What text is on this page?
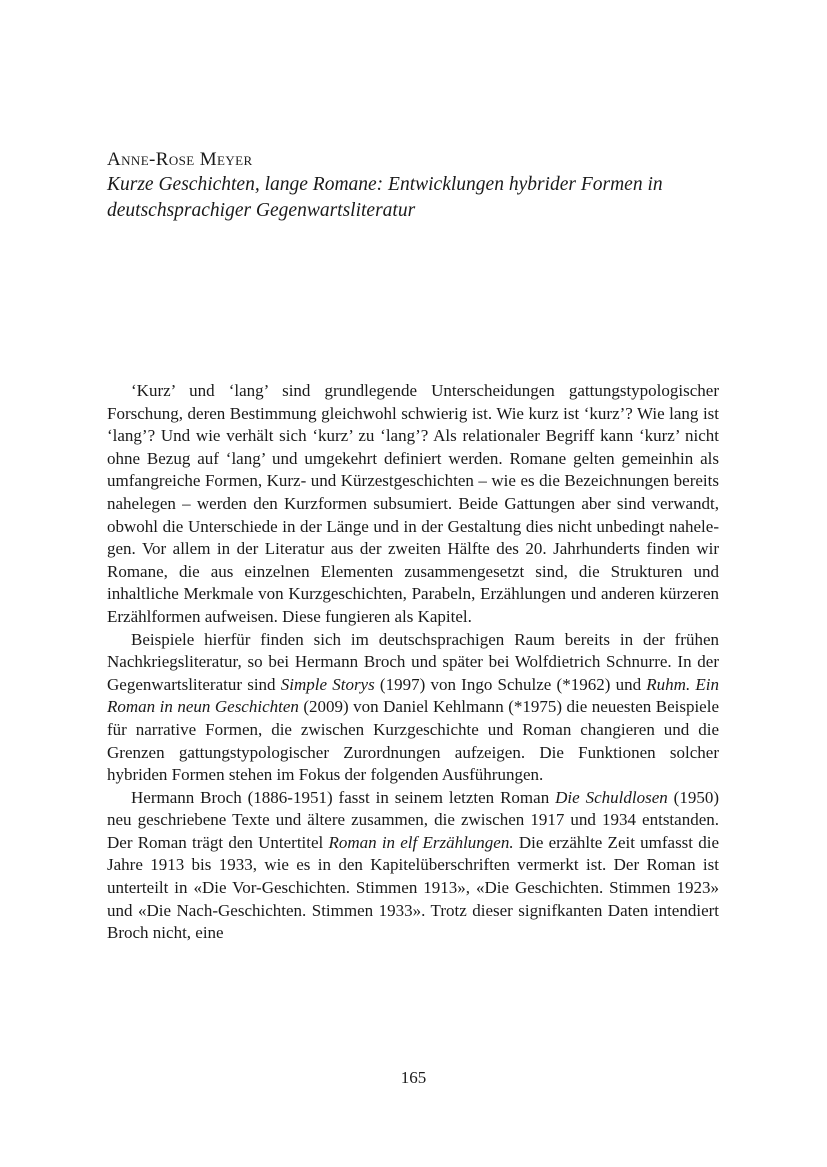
Anne-Rose Meyer
Kurze Geschichten, lange Romane: Entwicklungen hybrider Formen in
deutschsprachiger Gegenwartsliteratur

‘Kurz’ und ‘lang’ sind grundlegende Unterscheidungen gattungstypologischer Forschung, deren Bestimmung gleichwohl schwierig ist. Wie kurz ist ‘kurz’? Wie lang ist ‘lang’? Und wie verhält sich ‘kurz’ zu ‘lang’? Als relationaler Begriff kann ‘kurz’ nicht ohne Bezug auf ‘lang’ und umgekehrt definiert werden. Romane gelten gemeinhin als umfangreiche Formen, Kurz- und Kürzestgeschichten – wie es die Bezeichnungen bereits nahelegen – werden den Kurzformen subsumiert. Beide Gattungen aber sind verwandt, obwohl die Unterschiede in der Länge und in der Gestaltung dies nicht unbedingt nahelegen. Vor allem in der Literatur aus der zweiten Hälfte des 20. Jahrhunderts finden wir Romane, die aus einzelnen Elementen zusammengesetzt sind, die Strukturen und inhaltliche Merkmale von Kurzgeschichten, Parabeln, Erzählungen und anderen kürzeren Erzählformen aufweisen. Diese fungieren als Kapitel.

Beispiele hierfür finden sich im deutschsprachigen Raum bereits in der frühen Nachkriegsliteratur, so bei Hermann Broch und später bei Wolfdietrich Schnurre. In der Gegenwartsliteratur sind Simple Storys (1997) von Ingo Schulze (*1962) und Ruhm. Ein Roman in neun Geschichten (2009) von Daniel Kehlmann (*1975) die neuesten Beispiele für narrative Formen, die zwischen Kurzgeschichte und Roman changieren und die Grenzen gattungstypologischer Zurordnungen aufzeigen. Die Funktionen solcher hybriden Formen stehen im Fokus der folgenden Ausführungen.

Hermann Broch (1886-1951) fasst in seinem letzten Roman Die Schuldlosen (1950) neu geschriebene Texte und ältere zusammen, die zwischen 1917 und 1934 entstanden. Der Roman trägt den Untertitel Roman in elf Erzählungen. Die erzählte Zeit umfasst die Jahre 1913 bis 1933, wie es in den Kapitelüberschriften vermerkt ist. Der Roman ist unterteilt in «Die Vor-Geschichten. Stimmen 1913», «Die Geschichten. Stimmen 1923» und «Die Nach-Geschichten. Stimmen 1933». Trotz dieser signifkanten Daten intendiert Broch nicht, eine

165
